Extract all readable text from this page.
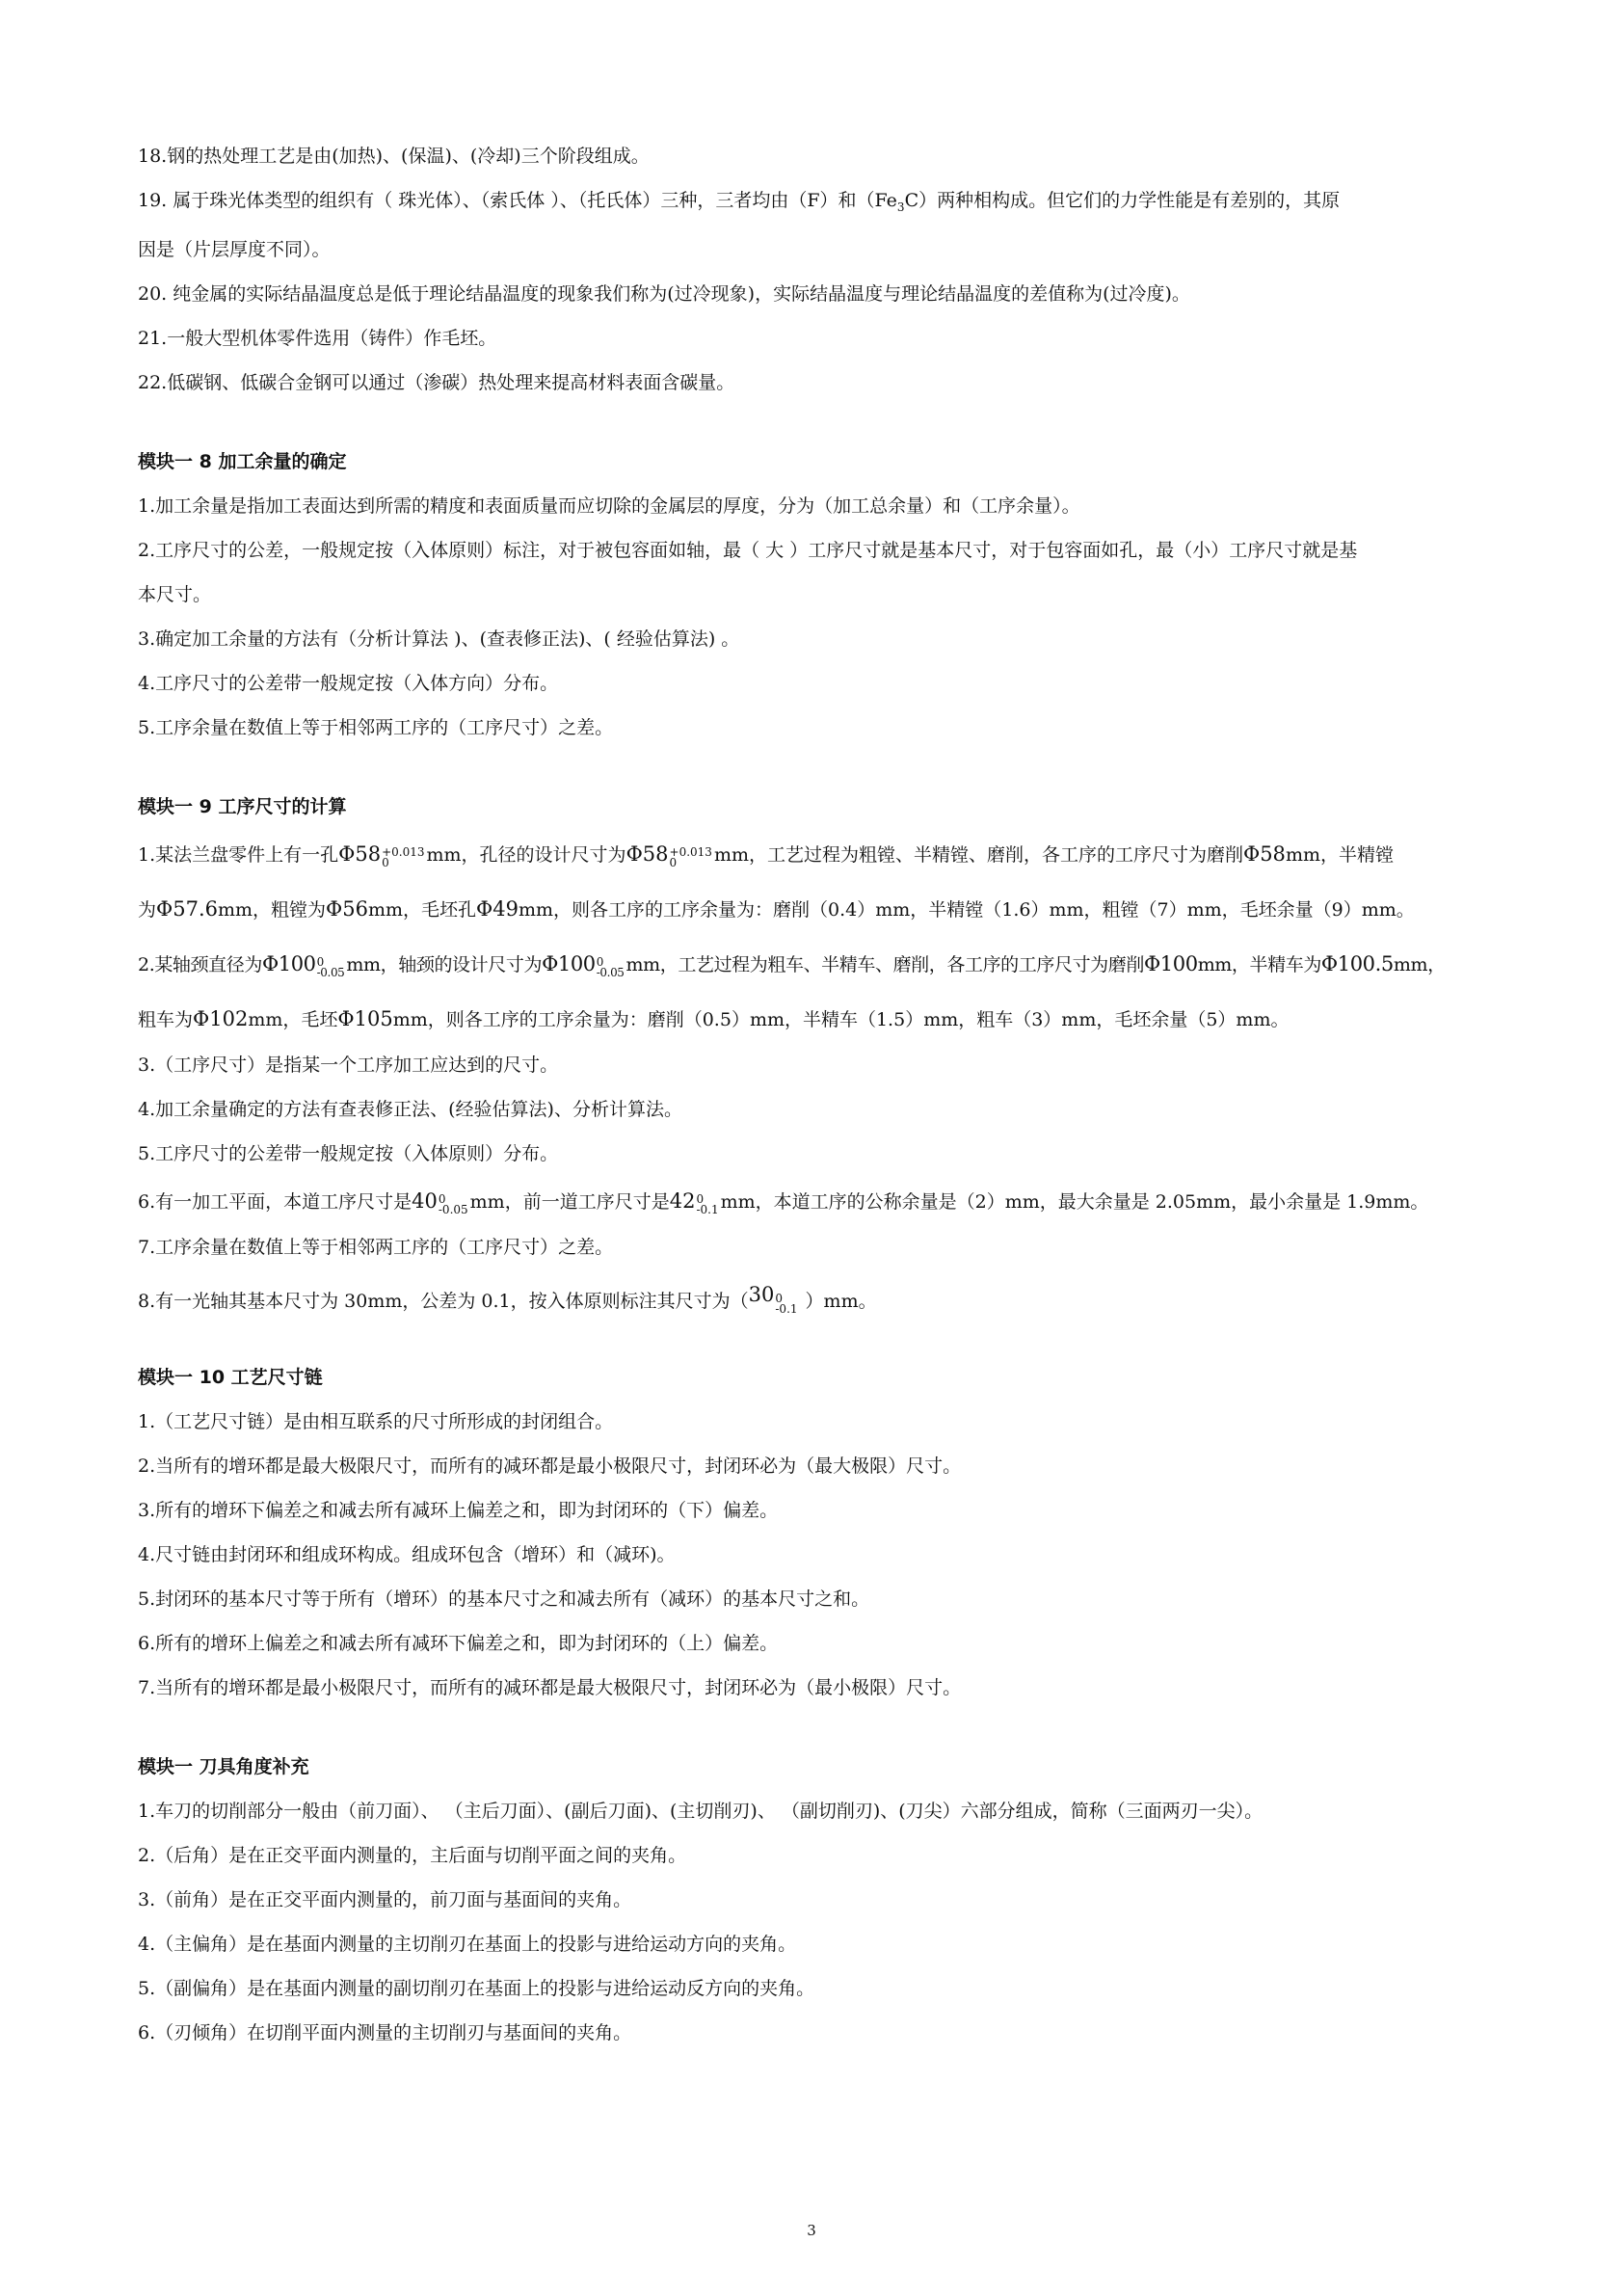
18.钢的热处理工艺是由(加热)、(保温)、(冷却)三个阶段组成。
19. 属于珠光体类型的组织有（ 珠光体）、（索氏体 ）、（托氏体）三种，三者均由（F）和$(Fe_3C)$两种相构成。但它们的力学性能是有差别的，其原
因是（片层厚度不同）。
20. 纯金属的实际结晶温度总是低于理论结晶温度的现象我们称为(过冷现象)，实际结晶温度与理论结晶温度的差值称为(过冷度)。
21.一般大型机体零件选用（铸件）作毛坯。
22.低碳钢、低碳合金钢可以通过（渗碳）热处理来提高材料表面含碳量。
模块一 8 加工余量的确定
1.加工余量是指加工表面达到所需的精度和表面质量而应切除的金属层的厚度，分为（加工总余量）和（工序余量）。
2.工序尺寸的公差，一般规定按（入体原则）标注，对于被包容面如轴，最（ 大 ）工序尺寸就是基本尺寸，对于包容面如孔，最（小）工序尺寸就是基
本尺寸。
3.确定加工余量的方法有（分析计算法 )、(查表修正法)、( 经验估算法) 。
4.工序尺寸的公差带一般规定按（入体方向）分布。
5.工序余量在数值上等于相邻两工序的（工序尺寸）之差。
模块一 9 工序尺寸的计算
1.某法兰盘零件上有一孔Φ58 +0.013
0	mm，孔径的设计尺寸为Φ58 +0.013
0	mm，工艺过程为粗镗、半精镗、磨削，各工序的工序尺寸为磨削Φ58mm，半精镗
为Φ57.6mm，粗镗为Φ56mm，毛坯孔Φ49mm，则各工序的工序余量为：磨削（0.4）mm，半精镗（1.6）mm，粗镗（7）mm，毛坯余量（9）mm。
2.某轴颈直径为Φ100 0
-0.05 mm，轴颈的设计尺寸为Φ100 0
-0.05 mm，工艺过程为粗车、半精车、磨削，各工序的工序尺寸为磨削Φ100mm，半精车为Φ100.5mm，
粗车为Φ102mm，毛坯Φ105mm，则各工序的工序余量为：磨削（0.5）mm，半精车（1.5）mm，粗车（3）mm，毛坯余量（5）mm。
3.（工序尺寸）是指某一个工序加工应达到的尺寸。
4.加工余量确定的方法有查表修正法、(经验估算法)、分析计算法。
5.工序尺寸的公差带一般规定按（入体原则）分布。
6.有一加工平面，本道工序尺寸是40 0
-0.05 mm，前一道工序尺寸是42 0
-0.1 mm，本道工序的公称余量是（2）mm，最大余量是 2.05mm，最小余量是 1.9mm。
7.工序余量在数值上等于相邻两工序的（工序尺寸）之差。
8.有一光轴其基本尺寸为 30mm，公差为 0.1，按入体原则标注其尺寸为（30 0
-0.1 ）mm。
模块一 10 工艺尺寸链
1.（工艺尺寸链）是由相互联系的尺寸所形成的封闭组合。
2.当所有的增环都是最大极限尺寸，而所有的减环都是最小极限尺寸，封闭环必为（最大极限）尺寸。
3.所有的增环下偏差之和减去所有减环上偏差之和，即为封闭环的（下）偏差。
4.尺寸链由封闭环和组成环构成。组成环包含（增环）和（减环)。
5.封闭环的基本尺寸等于所有（增环）的基本尺寸之和减去所有（减环）的基本尺寸之和。
6.所有的增环上偏差之和减去所有减环下偏差之和，即为封闭环的（上）偏差。
7.当所有的增环都是最小极限尺寸，而所有的减环都是最大极限尺寸，封闭环必为（最小极限）尺寸。
模块一 刀具角度补充
1.车刀的切削部分一般由（前刀面）、 （主后刀面）、(副后刀面)、(主切削刃)、 （副切削刃)、(刀尖）六部分组成，简称（三面两刃一尖）。
2.（后角）是在正交平面内测量的，主后面与切削平面之间的夹角。
3.（前角）是在正交平面内测量的，前刀面与基面间的夹角。
4.（主偏角）是在基面内测量的主切削刃在基面上的投影与进给运动方向的夹角。
5.（副偏角）是在基面内测量的副切削刃在基面上的投影与进给运动反方向的夹角。
6.（刃倾角）在切削平面内测量的主切削刃与基面间的夹角。
3
